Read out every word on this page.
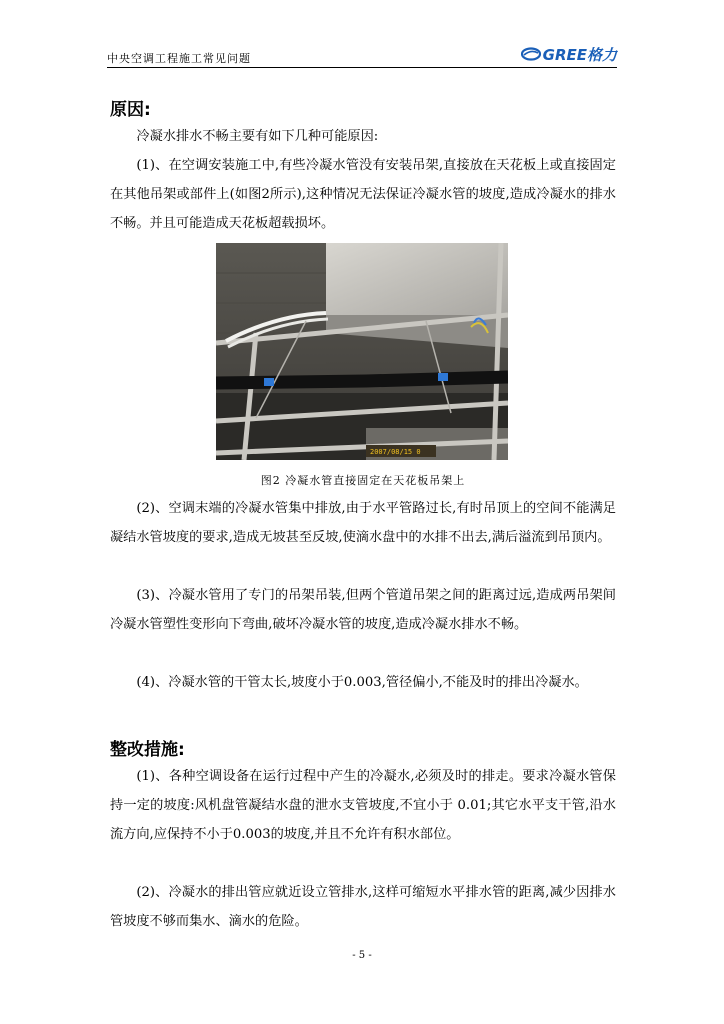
中央空调工程施工常见问题	GREE格力
原因:

冷凝水排水不畅主要有如下几种可能原因:

(1)、在空调安装施工中,有些冷凝水管没有安装吊架,直接放在天花板上或直接固定在其他吊架或部件上(如图2所示),这种情况无法保证冷凝水管的坡度,造成冷凝水的排水不畅。并且可能造成天花板超载损坏。

2007/08/15 0
图2 冷凝水管直接固定在天花板吊架上

(2)、空调末端的冷凝水管集中排放,由于水平管路过长,有时吊顶上的空间不能满足凝结水管坡度的要求,造成无坡甚至反坡,使滴水盘中的水排不出去,满后溢流到吊顶内。

(3)、冷凝水管用了专门的吊架吊装,但两个管道吊架之间的距离过远,造成两吊架间冷凝水管塑性变形向下弯曲,破坏冷凝水管的坡度,造成冷凝水排水不畅。

(4)、冷凝水管的干管太长,坡度小于0.003,管径偏小,不能及时的排出冷凝水。

整改措施:

(1)、各种空调设备在运行过程中产生的冷凝水,必须及时的排走。要求冷凝水管保持一定的坡度:风机盘管凝结水盘的泄水支管坡度,不宜小于 0.01;其它水平支干管,沿水流方向,应保持不小于0.003的坡度,并且不允许有积水部位。

(2)、冷凝水的排出管应就近设立管排水,这样可缩短水平排水管的距离,减少因排水管坡度不够而集水、滴水的危险。

- 5 -
